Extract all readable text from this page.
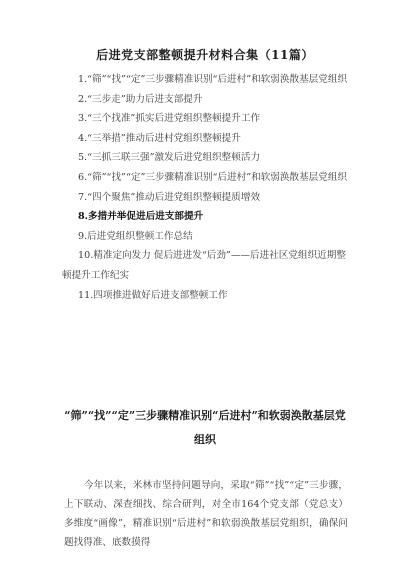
后进党支部整顿提升材料合集（11篇）

1.“筛”“找”“定”三步骤精准识别“后进村”和软弱涣散基层党组织

2.“三步走”助力后进支部提升

3.“三个找准”抓实后进党组织整顿提升工作

4.“三举措”推动后进村党组织整顿提升

5.“三抓三联三强”激发后进党组织整顿活力

6.“筛”“找”“定”三步骤精准识别“后进村”和软弱涣散基层党组织

7.“四个聚焦”推动后进党组织整顿提质增效

8.多措并举促进后进支部提升

9.后进党组织整顿工作总结

10.精准定向发力 促后进进发“后劲”——后进社区党组织近期整顿提升工作纪实

11.四项推进做好后进支部整顿工作

“筛”“找”“定”三步骤精准识别“后进村”和软弱涣散基层党组织

今年以来，米林市坚持问题导向，采取“筛”“找”“定”三步骤，上下联动、深查细找、综合研判，对全市164个党支部（党总支）多维度“画像”，精准识别“后进村”和软弱涣散基层党组织，确保问题找得准、底数摸得
